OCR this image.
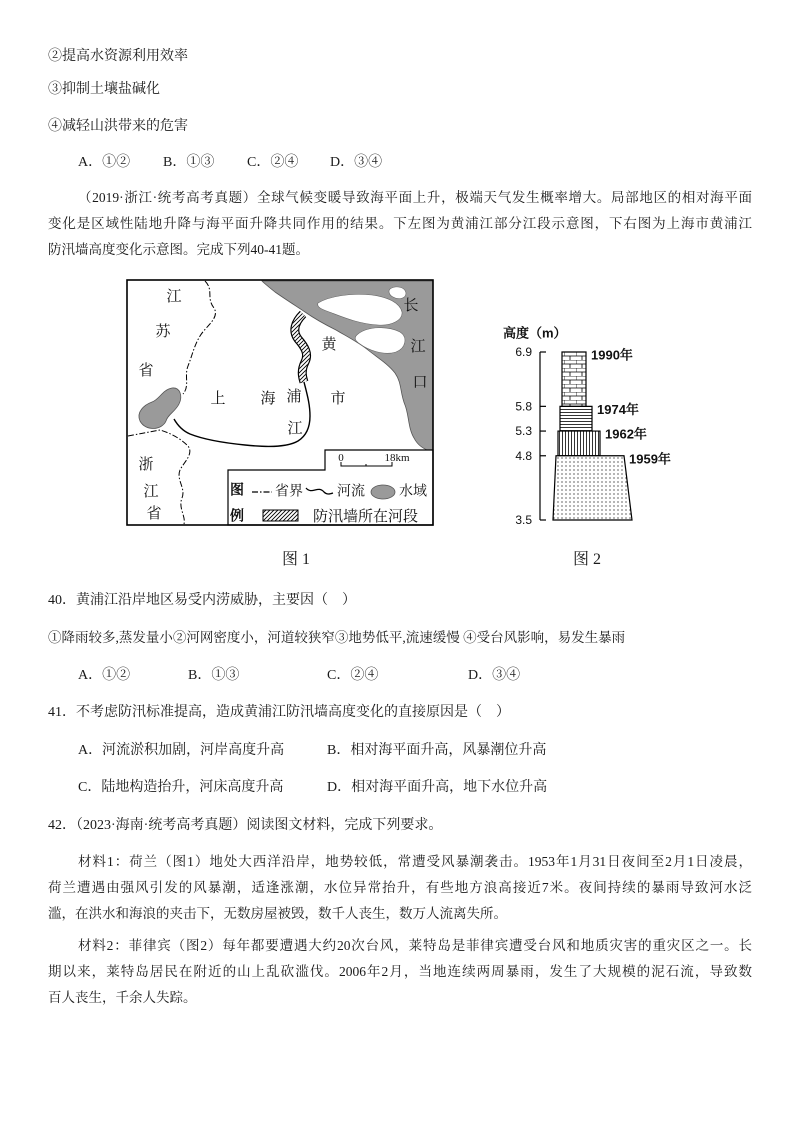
②提高水资源利用效率
③抑制土壤盐碱化
④减轻山洪带来的危害
A．①② B．①③ C．②④ D．③④
（2019·浙江·统考高考真题）全球气候变暖导致海平面上升，极端天气发生概率增大。局部地区的相对海平面
变化是区域性陆地升降与海平面升降共同作用的结果。下左图为黄浦江部分江段示意图，下右图为上海市黄浦江
防汛墙高度变化示意图。完成下列40-41题。
江
苏
省
上 海	市
黄
浦
江
长
江
口
浙
江
省
0	18km
图
例
省界 河流 水域
防汛墙所在河段
高度（m）
6.9
5.8
5.3
4.8
3.5
1990年
1974年
1962年
1959年
图 1	图 2
40．黄浦江沿岸地区易受内涝威胁，主要因（　）
①降雨较多,蒸发量小②河网密度小，河道较狭窄③地势低平,流速缓慢 ④受台风影响，易发生暴雨
A．①②	B．①③	C．②④	D．③④
41．不考虑防汛标准提高，造成黄浦江防汛墙高度变化的直接原因是（　）
A．河流淤积加剧，河岸高度升高	B．相对海平面升高，风暴潮位升高
C．陆地构造抬升，河床高度升高	D．相对海平面升高，地下水位升高
42．（2023·海南·统考高考真题）阅读图文材料，完成下列要求。
材料1：荷兰（图1）地处大西洋沿岸，地势较低，常遭受风暴潮袭击。1953年1月31日夜间至2月1日凌晨，
荷兰遭遇由强风引发的风暴潮，适逢涨潮，水位异常抬升，有些地方浪高接近7米。夜间持续的暴雨导致河水泛
滥，在洪水和海浪的夹击下，无数房屋被毁，数千人丧生，数万人流离失所。
材料2：菲律宾（图2）每年都要遭遇大约20次台风，莱特岛是菲律宾遭受台风和地质灾害的重灾区之一。长
期以来，莱特岛居民在附近的山上乱砍滥伐。2006年2月，当地连续两周暴雨，发生了大规模的泥石流，导致数
百人丧生，千余人失踪。
